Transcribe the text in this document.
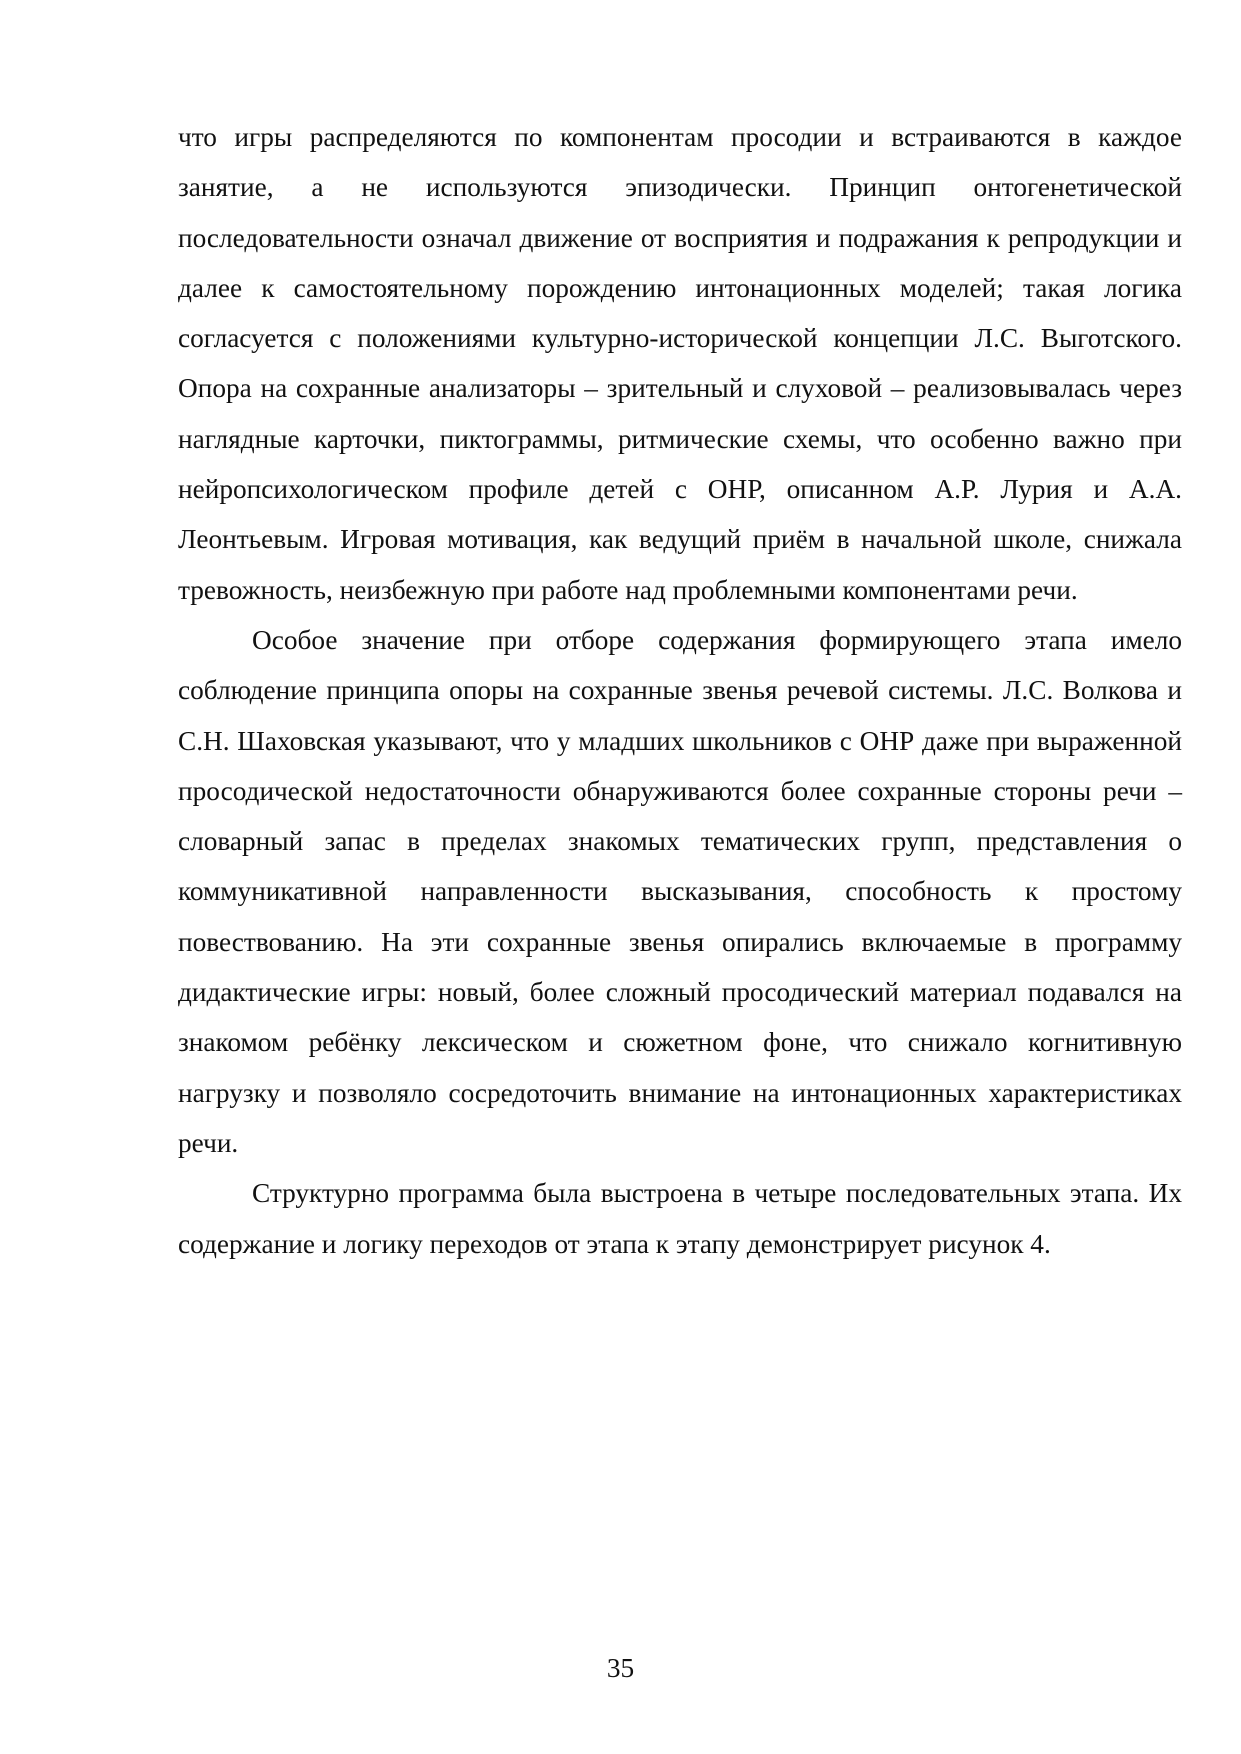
что игры распределяются по компонентам просодии и встраиваются в каждое занятие, а не используются эпизодически. Принцип онтогенетической последовательности означал движение от восприятия и подражания к репродукции и далее к самостоятельному порождению интонационных моделей; такая логика согласуется с положениями культурно-исторической концепции Л.С. Выготского. Опора на сохранные анализаторы – зрительный и слуховой – реализовывалась через наглядные карточки, пиктограммы, ритмические схемы, что особенно важно при нейропсихологическом профиле детей с ОНР, описанном А.Р. Лурия и А.А. Леонтьевым. Игровая мотивация, как ведущий приём в начальной школе, снижала тревожность, неизбежную при работе над проблемными компонентами речи.

Особое значение при отборе содержания формирующего этапа имело соблюдение принципа опоры на сохранные звенья речевой системы. Л.С. Волкова и С.Н. Шаховская указывают, что у младших школьников с ОНР даже при выраженной просодической недостаточности обнаруживаются более сохранные стороны речи – словарный запас в пределах знакомых тематических групп, представления о коммуникативной направленности высказывания, способность к простому повествованию. На эти сохранные звенья опирались включаемые в программу дидактические игры: новый, более сложный просодический материал подавался на знакомом ребёнку лексическом и сюжетном фоне, что снижало когнитивную нагрузку и позволяло сосредоточить внимание на интонационных характеристиках речи.

Структурно программа была выстроена в четыре последовательных этапа. Их содержание и логику переходов от этапа к этапу демонстрирует рисунок 4.

35
